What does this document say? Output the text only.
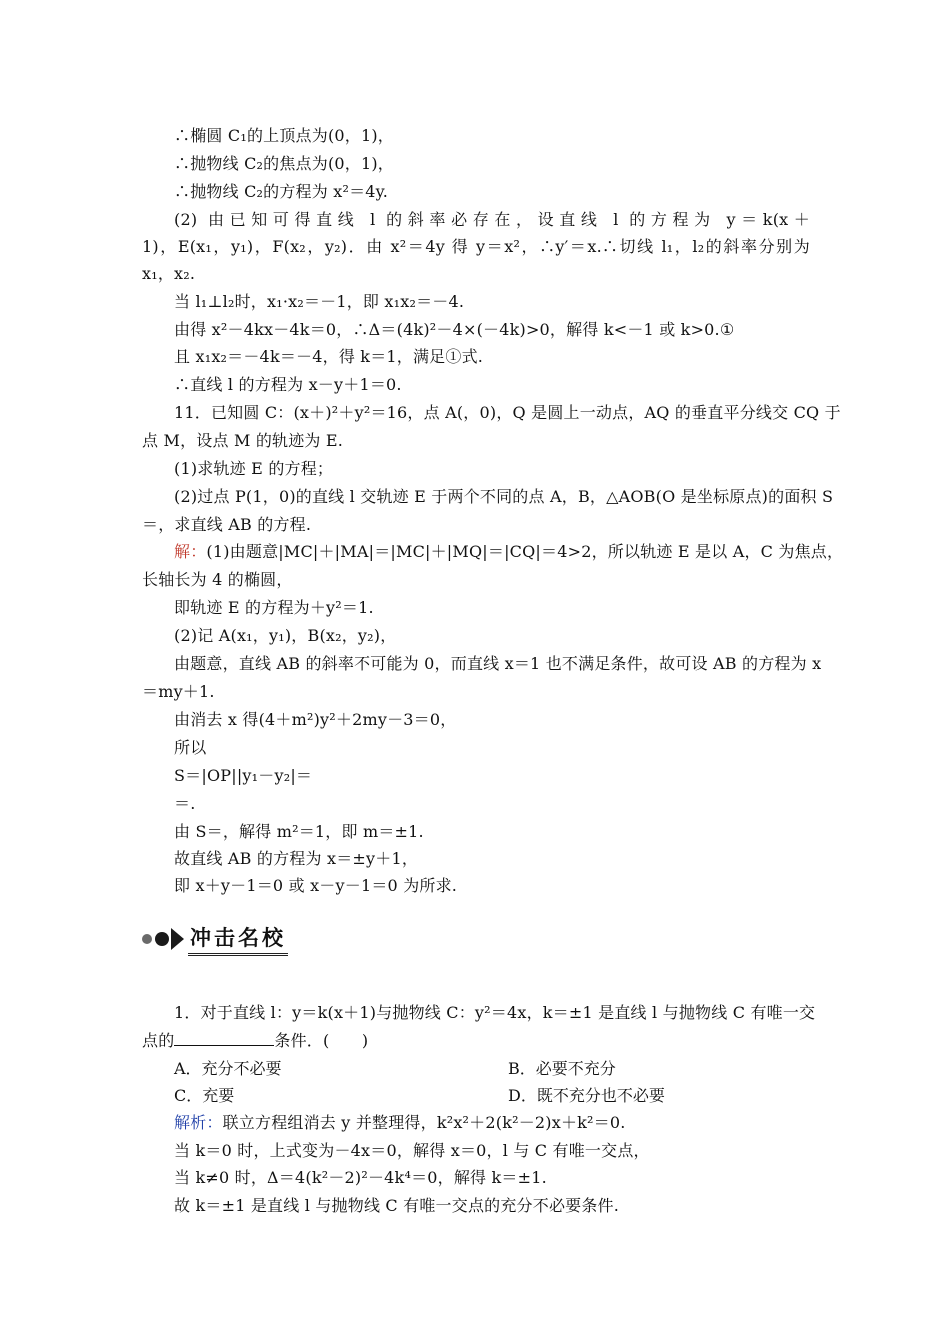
∴椭圆 C₁的上顶点为(0，1)，

∴抛物线 C₂的焦点为(0，1)，

∴抛物线 C₂的方程为 x²＝4y.

(2) 由已知可得直线 l 的斜率必存在，设直线 l 的方程为 y＝k(x＋

1)，E(x₁，y₁)，F(x₂，y₂)．由 x²＝4y 得 y＝x²，∴y′＝x.∴切线 l₁，l₂的斜率分别为

x₁，x₂.

当 l₁⊥l₂时，x₁·x₂＝－1，即 x₁x₂＝－4.

由得 x²－4kx－4k＝0，∴Δ＝(4k)²－4×(－4k)>0，解得 k<－1 或 k>0.①

且 x₁x₂＝－4k＝－4，得 k＝1，满足①式.

∴直线 l 的方程为 x－y＋1＝0.

11．已知圆 C：(x＋)²＋y²＝16，点 A(，0)，Q 是圆上一动点，AQ 的垂直平分线交 CQ 于

点 M，设点 M 的轨迹为 E.

(1)求轨迹 E 的方程；

(2)过点 P(1，0)的直线 l 交轨迹 E 于两个不同的点 A，B，△AOB(O 是坐标原点)的面积 S

＝，求直线 AB 的方程.

解：(1)由题意|MC|＋|MA|＝|MC|＋|MQ|＝|CQ|＝4>2，所以轨迹 E 是以 A，C 为焦点，

长轴长为 4 的椭圆，

即轨迹 E 的方程为＋y²＝1.

(2)记 A(x₁，y₁)，B(x₂，y₂)，

由题意，直线 AB 的斜率不可能为 0，而直线 x＝1 也不满足条件，故可设 AB 的方程为 x

＝my＋1.

由消去 x 得(4＋m²)y²＋2my－3＝0，

所以

S＝|OP||y₁－y₂|＝

＝.

由 S＝，解得 m²＝1，即 m＝±1.

故直线 AB 的方程为 x＝±y＋1，

即 x＋y－1＝0 或 x－y－1＝0 为所求.

冲击名校

1．对于直线 l：y＝k(x＋1)与抛物线 C：y²＝4x，k＝±1 是直线 l 与抛物线 C 有唯一交

点的	条件．(　　)

A．充分不必要	B．必要不充分

C．充要	D．既不充分也不必要

解析：联立方程组消去 y 并整理得，k²x²＋2(k²－2)x＋k²＝0.

当 k＝0 时，上式变为－4x＝0，解得 x＝0，l 与 C 有唯一交点，

当 k≠0 时，Δ＝4(k²－2)²－4k⁴＝0，解得 k＝±1.

故 k＝±1 是直线 l 与抛物线 C 有唯一交点的充分不必要条件.
